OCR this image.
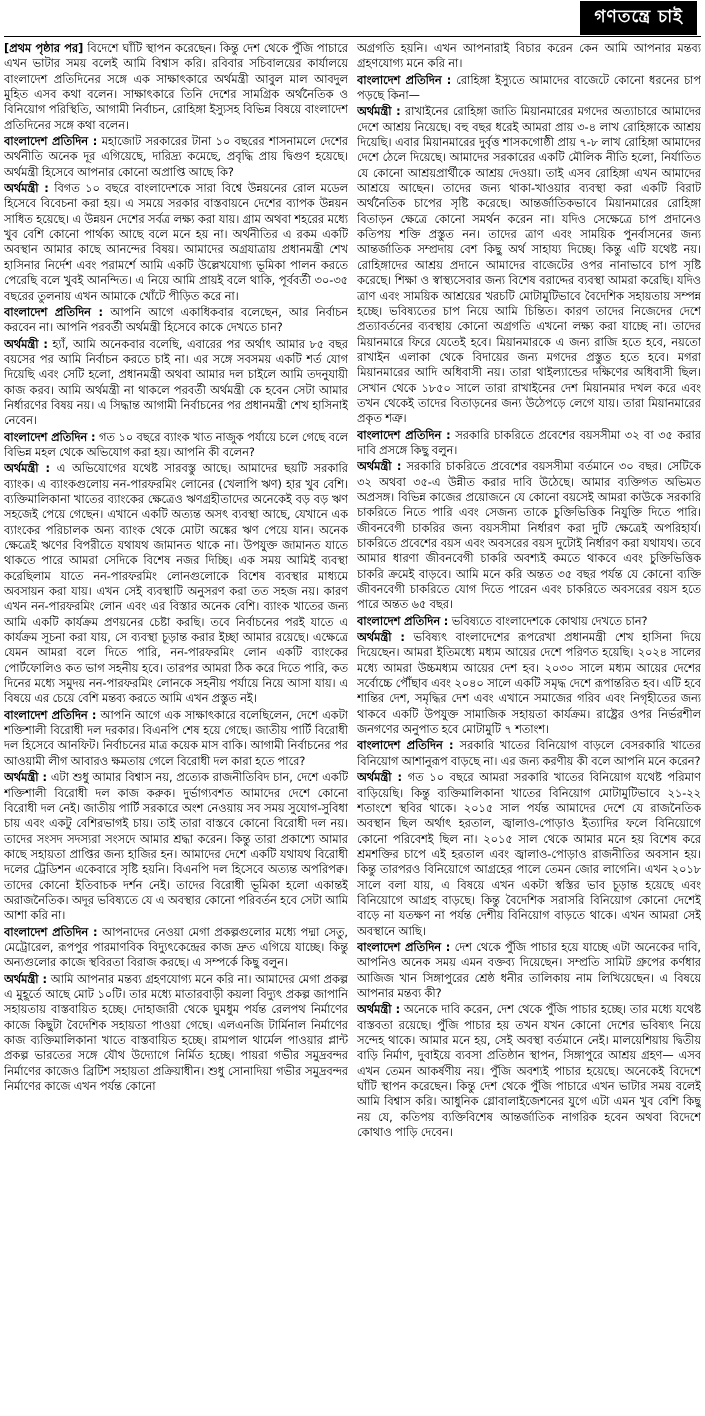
গণতন্ত্রে চাই

[প্রথম পৃষ্ঠার পর] বিদেশে ঘাঁটি স্থাপন করেছেন। কিন্তু দেশ থেকে পুঁজি পাচারে এখন ভাটার সময় বলেই আমি বিশ্বাস করি। রবিবার সচিবালয়ের কার্যালয়ে বাংলাদেশ প্রতিদিনের সঙ্গে এক সাক্ষাৎকারে অর্থমন্ত্রী আবুল মাল আবদুল মুহিত এসব কথা বলেন। সাক্ষাৎকারে তিনি দেশের সামগ্রিক অর্থনৈতিক ও বিনিয়োগ পরিস্থিতি, আগামী নির্বাচন, রোহিঙ্গা ইস্যুসহ বিভিন্ন বিষয়ে বাংলাদেশ প্রতিদিনের সঙ্গে কথা বলেন।

বাংলাদেশ প্রতিদিন : মহাজোট সরকারের টানা ১০ বছরের শাসনামলে দেশের অর্থনীতি অনেক দূর এগিয়েছে, দারিদ্র্য কমেছে, প্রবৃদ্ধি প্রায় দ্বিগুণ হয়েছে। অর্থমন্ত্রী হিসেবে আপনার কোনো অপ্রাপ্তি আছে কি?

অর্থমন্ত্রী : বিগত ১০ বছরে বাংলাদেশকে সারা বিশ্বে উন্নয়নের রোল মডেল হিসেবে বিবেচনা করা হয়। এ সময়ে সরকার বাস্তবায়নে দেশের ব্যাপক উন্নয়ন সাধিত হয়েছে। এ উন্নয়ন দেশের সর্বত্র লক্ষ্য করা যায়। গ্রাম অথবা শহরের মধ্যে খুব বেশি কোনো পার্থক্য আছে বলে মনে হয় না। অর্থনীতির এ রকম একটি অবস্থান আমার কাছে আনন্দের বিষয়। আমাদের অগ্রযাত্রায় প্রধানমন্ত্রী শেখ হাসিনার নির্দেশ এবং পরামর্শে আমি একটি উল্লেখযোগ্য ভূমিকা পালন করতে পেরেছি বলে খুবই আনন্দিত। এ নিয়ে আমি প্রায়ই বলে থাকি, পূর্ববর্তী ৩০-৩৫ বছরের তুলনায় এখন আমাকে খোঁটে পীড়িত করে না।

বাংলাদেশ প্রতিদিন : আপনি আগে একাধিকবার বলেছেন, আর নির্বাচন করবেন না। আপনি পরবর্তী অর্থমন্ত্রী হিসেবে কাকে দেখতে চান?

অর্থমন্ত্রী : হ্যাঁ, আমি অনেকবার বলেছি, এবারের পর অর্থাৎ আমার ৮৫ বছর বয়সের পর আমি নির্বাচন করতে চাই না। এর সঙ্গে সবসময় একটি শর্ত যোগ দিয়েছি এবং সেটি হলো, প্রধানমন্ত্রী অথবা আমার দল চাইলে আমি তদনুযায়ী কাজ করব। আমি অর্থমন্ত্রী না থাকলে পরবর্তী অর্থমন্ত্রী কে হবেন সেটা আমার নির্ধারণের বিষয় নয়। এ সিদ্ধান্ত আগামী নির্বাচনের পর প্রধানমন্ত্রী শেখ হাসিনাই নেবেন।

বাংলাদেশ প্রতিদিন : গত ১০ বছরে ব্যাংক খাত নাজুক পর্যায়ে চলে গেছে বলে বিভিন্ন মহল থেকে অভিযোগ করা হয়। আপনি কী বলেন?

অর্থমন্ত্রী : এ অভিযোগের যথেষ্ট সারবস্তু আছে। আমাদের ছয়টি সরকারি ব্যাংক। এ ব্যাংকগুলোয় নন-পারফরমিং লোনের (খেলাপি ঋণ) হার খুব বেশি। ব্যক্তিমালিকানা খাতের ব্যাংকের ক্ষেত্রেও ঋণগ্রহীতাদের অনেকেই বড় বড় ঋণ সহজেই পেয়ে গেছেন। এখানে একটি অত্যন্ত অসৎ ব্যবস্থা আছে, যেখানে এক ব্যাংকের পরিচালক অন্য ব্যাংক থেকে মোটা অঙ্কের ঋণ পেয়ে যান। অনেক ক্ষেত্রেই ঋণের বিপরীতে যথাযথ জামানত থাকে না। উপযুক্ত জামানত যাতে থাকতে পারে আমরা সেদিকে বিশেষ নজর দিচ্ছি। এক সময় আমিই ব্যবস্থা করেছিলাম যাতে নন-পারফরমিং লোনগুলোকে বিশেষ ব্যবস্থার মাধ্যমে অবসায়ন করা যায়। এখন সেই ব্যবস্থাটি অনুসরণ করা তত সহজ নয়। কারণ এখন নন-পারফরমিং লোন এবং এর বিস্তার অনেক বেশি। ব্যাংক খাতের জন্য আমি একটি কার্যক্রম প্রণয়নের চেষ্টা করছি। তবে নির্বাচনের পরই যাতে এ কার্যক্রম সূচনা করা যায়, সে ব্যবস্থা চূড়ান্ত করার ইচ্ছা আমার রয়েছে। এক্ষেত্রে যেমন আমরা বলে দিতে পারি, নন-পারফরমিং লোন একটি ব্যাংকের পোর্টফোলিও কত ভাগ সহনীয় হবে। তারপর আমরা ঠিক করে দিতে পারি, কত দিনের মধ্যে সমুদয় নন-পারফরমিং লোনকে সহনীয় পর্যায়ে নিয়ে আসা যায়। এ বিষয়ে এর চেয়ে বেশি মন্তব্য করতে আমি এখন প্রস্তুত নই।

বাংলাদেশ প্রতিদিন : আপনি আগে এক সাক্ষাৎকারে বলেছিলেন, দেশে একটা শক্তিশালী বিরোধী দল দরকার। বিএনপি শেষ হয়ে গেছে। জাতীয় পার্টি বিরোধী দল হিসেবে আনফিট। নির্বাচনের মাত্র কয়েক মাস বাকি। আগামী নির্বাচনের পর আওয়ামী লীগ আবারও ক্ষমতায় গেলে বিরোধী দল কারা হতে পারে?

অর্থমন্ত্রী : এটা শুধু আমার বিশ্বাস নয়, প্রত্যেক রাজনীতিবিদ চান, দেশে একটি শক্তিশালী বিরোধী দল কাজ করুক। দুর্ভাগ্যবশত আমাদের দেশে কোনো বিরোধী দল নেই। জাতীয় পার্টি সরকারে অংশ নেওয়ায় সব সময় সুযোগ-সুবিধা চায় এবং একটু বেশিরভাগই চায়। তাই তারা বাস্তবে কোনো বিরোধী দল নয়। তাদের সংসদ সদস্যরা সংসদে আমার শ্রদ্ধা করেন। কিন্তু তারা প্রকাশ্যে আমার কাছে সহায়তা প্রাপ্তির জন্য হাজির হন। আমাদের দেশে একটি যথাযথ বিরোধী দলের ট্রেডিশন একেবারে সৃষ্টি হয়নি। বিএনপি দল হিসেবে অত্যন্ত অপরিপক্ব। তাদের কোনো ইতিবাচক দর্শন নেই। তাদের বিরোধী ভূমিকা হলো একান্তই অরাজনৈতিক। অদূর ভবিষ্যতে যে এ অবস্থার কোনো পরিবর্তন হবে সেটা আমি আশা করি না।

বাংলাদেশ প্রতিদিন : আপনাদের নেওয়া মেগা প্রকল্পগুলোর মধ্যে পদ্মা সেতু, মেট্রোরেল, রূপপুর পারমাণবিক বিদ্যুৎকেন্দ্রের কাজ দ্রুত এগিয়ে যাচ্ছে। কিন্তু অন্যগুলোর কাজে স্থবিরতা বিরাজ করছে। এ সম্পর্কে কিছু বলুন।

অর্থমন্ত্রী : আমি আপনার মন্তব্য গ্রহণযোগ্য মনে করি না। আমাদের মেগা প্রকল্প এ মুহূর্তে আছে মোট ১০টি। তার মধ্যে মাতারবাড়ী কয়লা বিদ্যুৎ প্রকল্প জাপানি সহায়তায় বাস্তবায়িত হচ্ছে। দোহাজারী থেকে ঘুমধুম পর্যন্ত রেলপথ নির্মাণের কাজে কিছুটা বৈদেশিক সহায়তা পাওয়া গেছে। এলএনজি টার্মিনাল নির্মাণের কাজ ব্যক্তিমালিকানা খাতে বাস্তবায়িত হচ্ছে। রামপাল থার্মেল পাওয়ার প্লান্ট প্রকল্প ভারতের সঙ্গে যৌথ উদ্যোগে নির্মিত হচ্ছে। পায়রা গভীর সমুদ্রবন্দর নির্মাণের কাজেও ব্রিটিশ সহায়তা প্রক্রিয়াধীন। শুধু সোনাদিয়া গভীর সমুদ্রবন্দর নির্মাণের কাজে এখন পর্যন্ত কোনো

অগ্রগতি হয়নি। এখন আপনারাই বিচার করেন কেন আমি আপনার মন্তব্য গ্রহণযোগ্য মনে করি না।

বাংলাদেশ প্রতিদিন : রোহিঙ্গা ইস্যুতে আমাদের বাজেটে কোনো ধরনের চাপ পড়ছে কিনা—

অর্থমন্ত্রী : রাখাইনের রোহিঙ্গা জাতি মিয়ানমারের মগদের অত্যাচারে আমাদের দেশে আশ্রয় নিয়েছে। বহু বছর ধরেই আমরা প্রায় ৩-৪ লাখ রোহিঙ্গাকে আশ্রয় দিয়েছি। এবার মিয়ানমারের দুর্বৃত্ত শাসকগোষ্ঠী প্রায় ৭-৮ লাখ রোহিঙ্গা আমাদের দেশে ঠেলে দিয়েছে। আমাদের সরকারের একটি মৌলিক নীতি হলো, নির্যাতিত যে কোনো আশ্রয়প্রার্থীকে আশ্রয় দেওয়া। তাই এসব রোহিঙ্গা এখন আমাদের আশ্রয়ে আছেন। তাদের জন্য থাকা-খাওয়ার ব্যবস্থা করা একটি বিরাট অর্থনৈতিক চাপের সৃষ্টি করেছে। আন্তর্জাতিকভাবে মিয়ানমারের রোহিঙ্গা বিতাড়ন ক্ষেত্রে কোনো সমর্থন করেন না। যদিও সেক্ষেত্রে চাপ প্রদানেও কতিপয় শক্তি প্রস্তুত নন। তাদের ত্রাণ এবং সাময়িক পুনর্বাসনের জন্য আন্তর্জাতিক সম্প্রদায় বেশ কিছু অর্থ সাহায্য দিচ্ছে। কিন্তু এটি যথেষ্ট নয়। রোহিঙ্গাদের আশ্রয় প্রদানে আমাদের বাজেটের ওপর নানাভাবে চাপ সৃষ্টি করেছে। শিক্ষা ও স্বাস্থ্যসেবার জন্য বিশেষ বরাদ্দের ব্যবস্থা আমরা করেছি। যদিও ত্রাণ এবং সাময়িক আশ্রয়ের খরচটি মোটামুটিভাবে বৈদেশিক সহায়তায় সম্পন্ন হচ্ছে। ভবিষ্যতের চাপ নিয়ে আমি চিন্তিত। কারণ তাদের নিজেদের দেশে প্রত্যাবর্তনের ব্যবস্থায় কোনো অগ্রগতি এখনো লক্ষ্য করা যাচ্ছে না। তাদের মিয়ানমারে ফিরে যেতেই হবে। মিয়ানমারকে এ জন্য রাজি হতে হবে, নয়তো রাখাইন এলাকা থেকে বিদায়ের জন্য মগদের প্রস্তুত হতে হবে। মগরা মিয়ানমারের আদি অধিবাসী নয়। তারা থাইল্যান্ডের দক্ষিণের অধিবাসী ছিল। সেখান থেকে ১৮৫০ সালে তারা রাখাইনের দেশ মিয়ানমার দখল করে এবং তখন থেকেই তাদের বিতাড়নের জন্য উঠেপড়ে লেগে যায়। তারা মিয়ানমারের প্রকৃত শত্রু।

বাংলাদেশ প্রতিদিন : সরকারি চাকরিতে প্রবেশের বয়সসীমা ৩২ বা ৩৫ করার দাবি প্রসঙ্গে কিছু বলুন।

অর্থমন্ত্রী : সরকারি চাকরিতে প্রবেশের বয়সসীমা বর্তমানে ৩০ বছর। সেটিকে ৩২ অথবা ৩৫-এ উন্নীত করার দাবি উঠেছে। আমার ব্যক্তিগত অভিমত অপ্রসঙ্গ। বিভিন্ন কাজের প্রয়োজনে যে কোনো বয়সেই আমরা কাউকে সরকারি চাকরিতে নিতে পারি এবং সেজন্য তাকে চুক্তিভিত্তিক নিযুক্তি দিতে পারি। জীবনবেগী চাকরির জন্য বয়সসীমা নির্ধারণ করা দুটি ক্ষেত্রেই অপরিহার্য। চাকরিতে প্রবেশের বয়স এবং অবসরের বয়স দুটোই নির্ধারণ করা যথাযথ। তবে আমার ধারণা জীবনবেগী চাকরি অবশ্যই কমতে থাকবে এবং চুক্তিভিত্তিক চাকরি ক্রমেই বাড়বে। আমি মনে করি অন্তত ৩৫ বছর পর্যন্ত যে কোনো ব্যক্তি জীবনবেগী চাকরিতে যোগ দিতে পারেন এবং চাকরিতে অবসরের বয়স হতে পারে অন্তত ৬৫ বছর।

বাংলাদেশ প্রতিদিন : ভবিষ্যতে বাংলাদেশকে কোথায় দেখতে চান?

অর্থমন্ত্রী : ভবিষ্যৎ বাংলাদেশের রূপরেখা প্রধানমন্ত্রী শেখ হাসিনা দিয়ে দিয়েছেন। আমরা ইতিমধ্যে মধ্যম আয়ের দেশে পরিণত হয়েছি। ২০২৪ সালের মধ্যে আমরা উচ্চমধ্যম আয়ের দেশ হব। ২০৩০ সালে মধ্যম আয়ের দেশের সর্বোচ্চে পৌঁছাব এবং ২০৪০ সালে একটি সমৃদ্ধ দেশে রূপান্তরিত হব। এটি হবে শান্তির দেশ, সমৃদ্ধির দেশ এবং এখানে সমাজের গরিব এবং নিগৃহীতের জন্য থাকবে একটি উপযুক্ত সামাজিক সহায়তা কার্যক্রম। রাষ্ট্রের ওপর নির্ভরশীল জনগণের অনুপাত হবে মোটামুটি ৭ শতাংশ।

বাংলাদেশ প্রতিদিন : সরকারি খাতের বিনিয়োগ বাড়লে বেসরকারি খাতের বিনিয়োগ আশানুরূপ বাড়ছে না। এর জন্য করণীয় কী বলে আপনি মনে করেন?

অর্থমন্ত্রী : গত ১০ বছরে আমরা সরকারি খাতের বিনিয়োগ যথেষ্ট পরিমাণ বাড়িয়েছি। কিন্তু ব্যক্তিমালিকানা খাতের বিনিয়োগ মোটামুটিভাবে ২১-২২ শতাংশে স্থবির থাকে। ২০১৫ সাল পর্যন্ত আমাদের দেশে যে রাজনৈতিক অবস্থান ছিল অর্থাৎ হরতাল, জ্বালাও-পোড়াও ইত্যাদির ফলে বিনিয়োগে কোনো পরিবেশই ছিল না। ২০১৫ সাল থেকে আমার মনে হয় বিশেষ করে শ্রমশক্তির চাপে এই হরতাল এবং জ্বালাও-পোড়াও রাজনীতির অবসান হয়। কিন্তু তারপরও বিনিয়োগে আগ্রহের পালে তেমন জোর লাগেনি। এখন ২০১৮ সালে বলা যায়, এ বিষয়ে এখন একটা স্বস্তির ভাব চূড়ান্ত হয়েছে এবং বিনিয়োগে আগ্রহ বাড়ছে। কিন্তু বৈদেশিক সরাসরি বিনিয়োগ কোনো দেশেই বাড়ে না যতক্ষণ না পর্যন্ত দেশীয় বিনিয়োগ বাড়তে থাকে। এখন আমরা সেই অবস্থানে আছি।

বাংলাদেশ প্রতিদিন : দেশ থেকে পুঁজি পাচার হয়ে যাচ্ছে এটা অনেকের দাবি, আপনিও অনেক সময় এমন বক্তব্য দিয়েছেন। সম্প্রতি সামিট গ্রুপের কর্ণধার আজিজ খান সিঙ্গাপুরের শ্রেষ্ঠ ধনীর তালিকায় নাম লিখিয়েছেন। এ বিষয়ে আপনার মন্তব্য কী?

অর্থমন্ত্রী : অনেকে দাবি করেন, দেশ থেকে পুঁজি পাচার হচ্ছে। তার মধ্যে যথেষ্ট বাস্তবতা রয়েছে। পুঁজি পাচার হয় তখন যখন কোনো দেশের ভবিষ্যৎ নিয়ে সন্দেহ থাকে। আমার মনে হয়, সেই অবস্থা বর্তমানে নেই। মালয়েশিয়ায় দ্বিতীয় বাড়ি নির্মাণ, দুবাইয়ে ব্যবসা প্রতিষ্ঠান স্থাপন, সিঙ্গাপুরে আশ্রয় গ্রহণ— এসব এখন তেমন আকর্ষণীয় নয়। পুঁজি অবশ্যই পাচার হয়েছে। অনেকেই বিদেশে ঘাঁটি স্থাপন করেছেন। কিন্তু দেশ থেকে পুঁজি পাচারে এখন ভাটার সময় বলেই আমি বিশ্বাস করি। আধুনিক গ্লোবালাইজেশনের যুগে এটা এমন খুব বেশি কিছু নয় যে, কতিপয় ব্যক্তিবিশেষ আন্তর্জাতিক নাগরিক হবেন অথবা বিদেশে কোথাও পাড়ি দেবেন।
